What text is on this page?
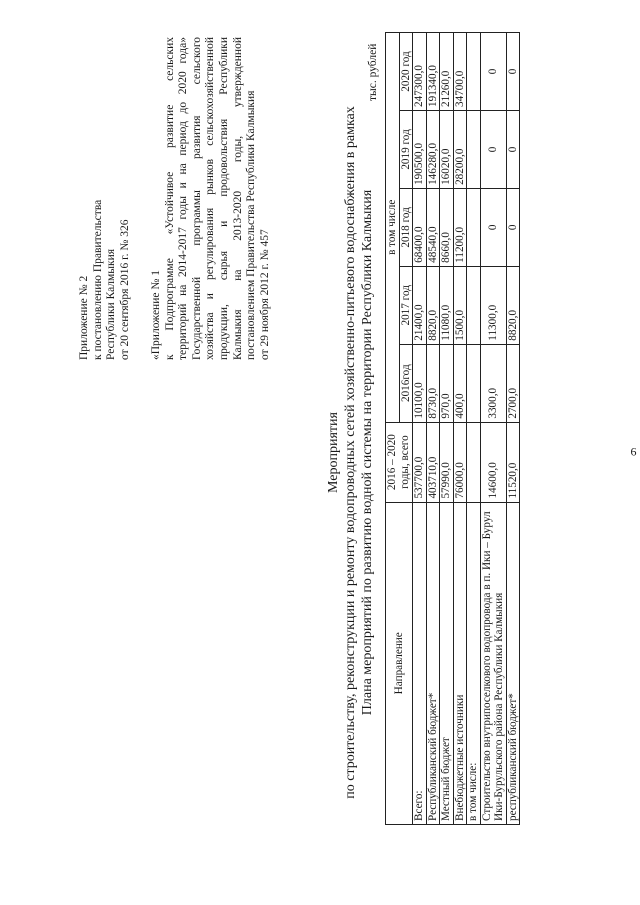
Приложение № 2 к постановлению Правительства Республики Калмыкия от 20 сентября 2016 г. № 326 «Приложение № 1 к Подпрограмме «Устойчивое развитие сельских территорий на 2014-2017 годы и на период до 2020 года» Государственной программы развития сельского хозяйства и регулирования рынков сельскохозяйственной продукции, сырья и продовольствия Республики Калмыкия на 2013-2020 годы, утвержденной постановлением Правительства Республики Калмыкия от 29 ноября 2012 г. № 457
Мероприятия по строительству, реконструкции и ремонту водопроводных сетей хозяйственно-питьевого водоснабжения в рамках Плана мероприятий по развитию водной системы на территории Республики Калмыкия
тыс. рублей
Направление	2016 – 2020 годы, всего	в том числе				
		2016год	2017 год	2018 год	2019 год	2020 год
Всего:	537700,0	10100,0	21400,0	68400,0	190500,0	247300,0
Республиканский бюджет*	403710,0	8730,0	8820,0	48540,0	146280,0	191340,0
Местный бюджет	57990,0	970,0	11080,0	8660,0	16020,0	21260,0
Внебюджетные источники	76000,0	400,0	1500,0	11200,0	28200,0	34700,0
в том числе:						
Строительство внутрипоселкового водопровода в п. Ики – Бурул Ики-Бурульского района Республики Калмыкия	14600,0	3300,0	11300,0	0	0	0
республиканский бюджет*	11520,0	2700,0	8820,0	0	0	0
6
